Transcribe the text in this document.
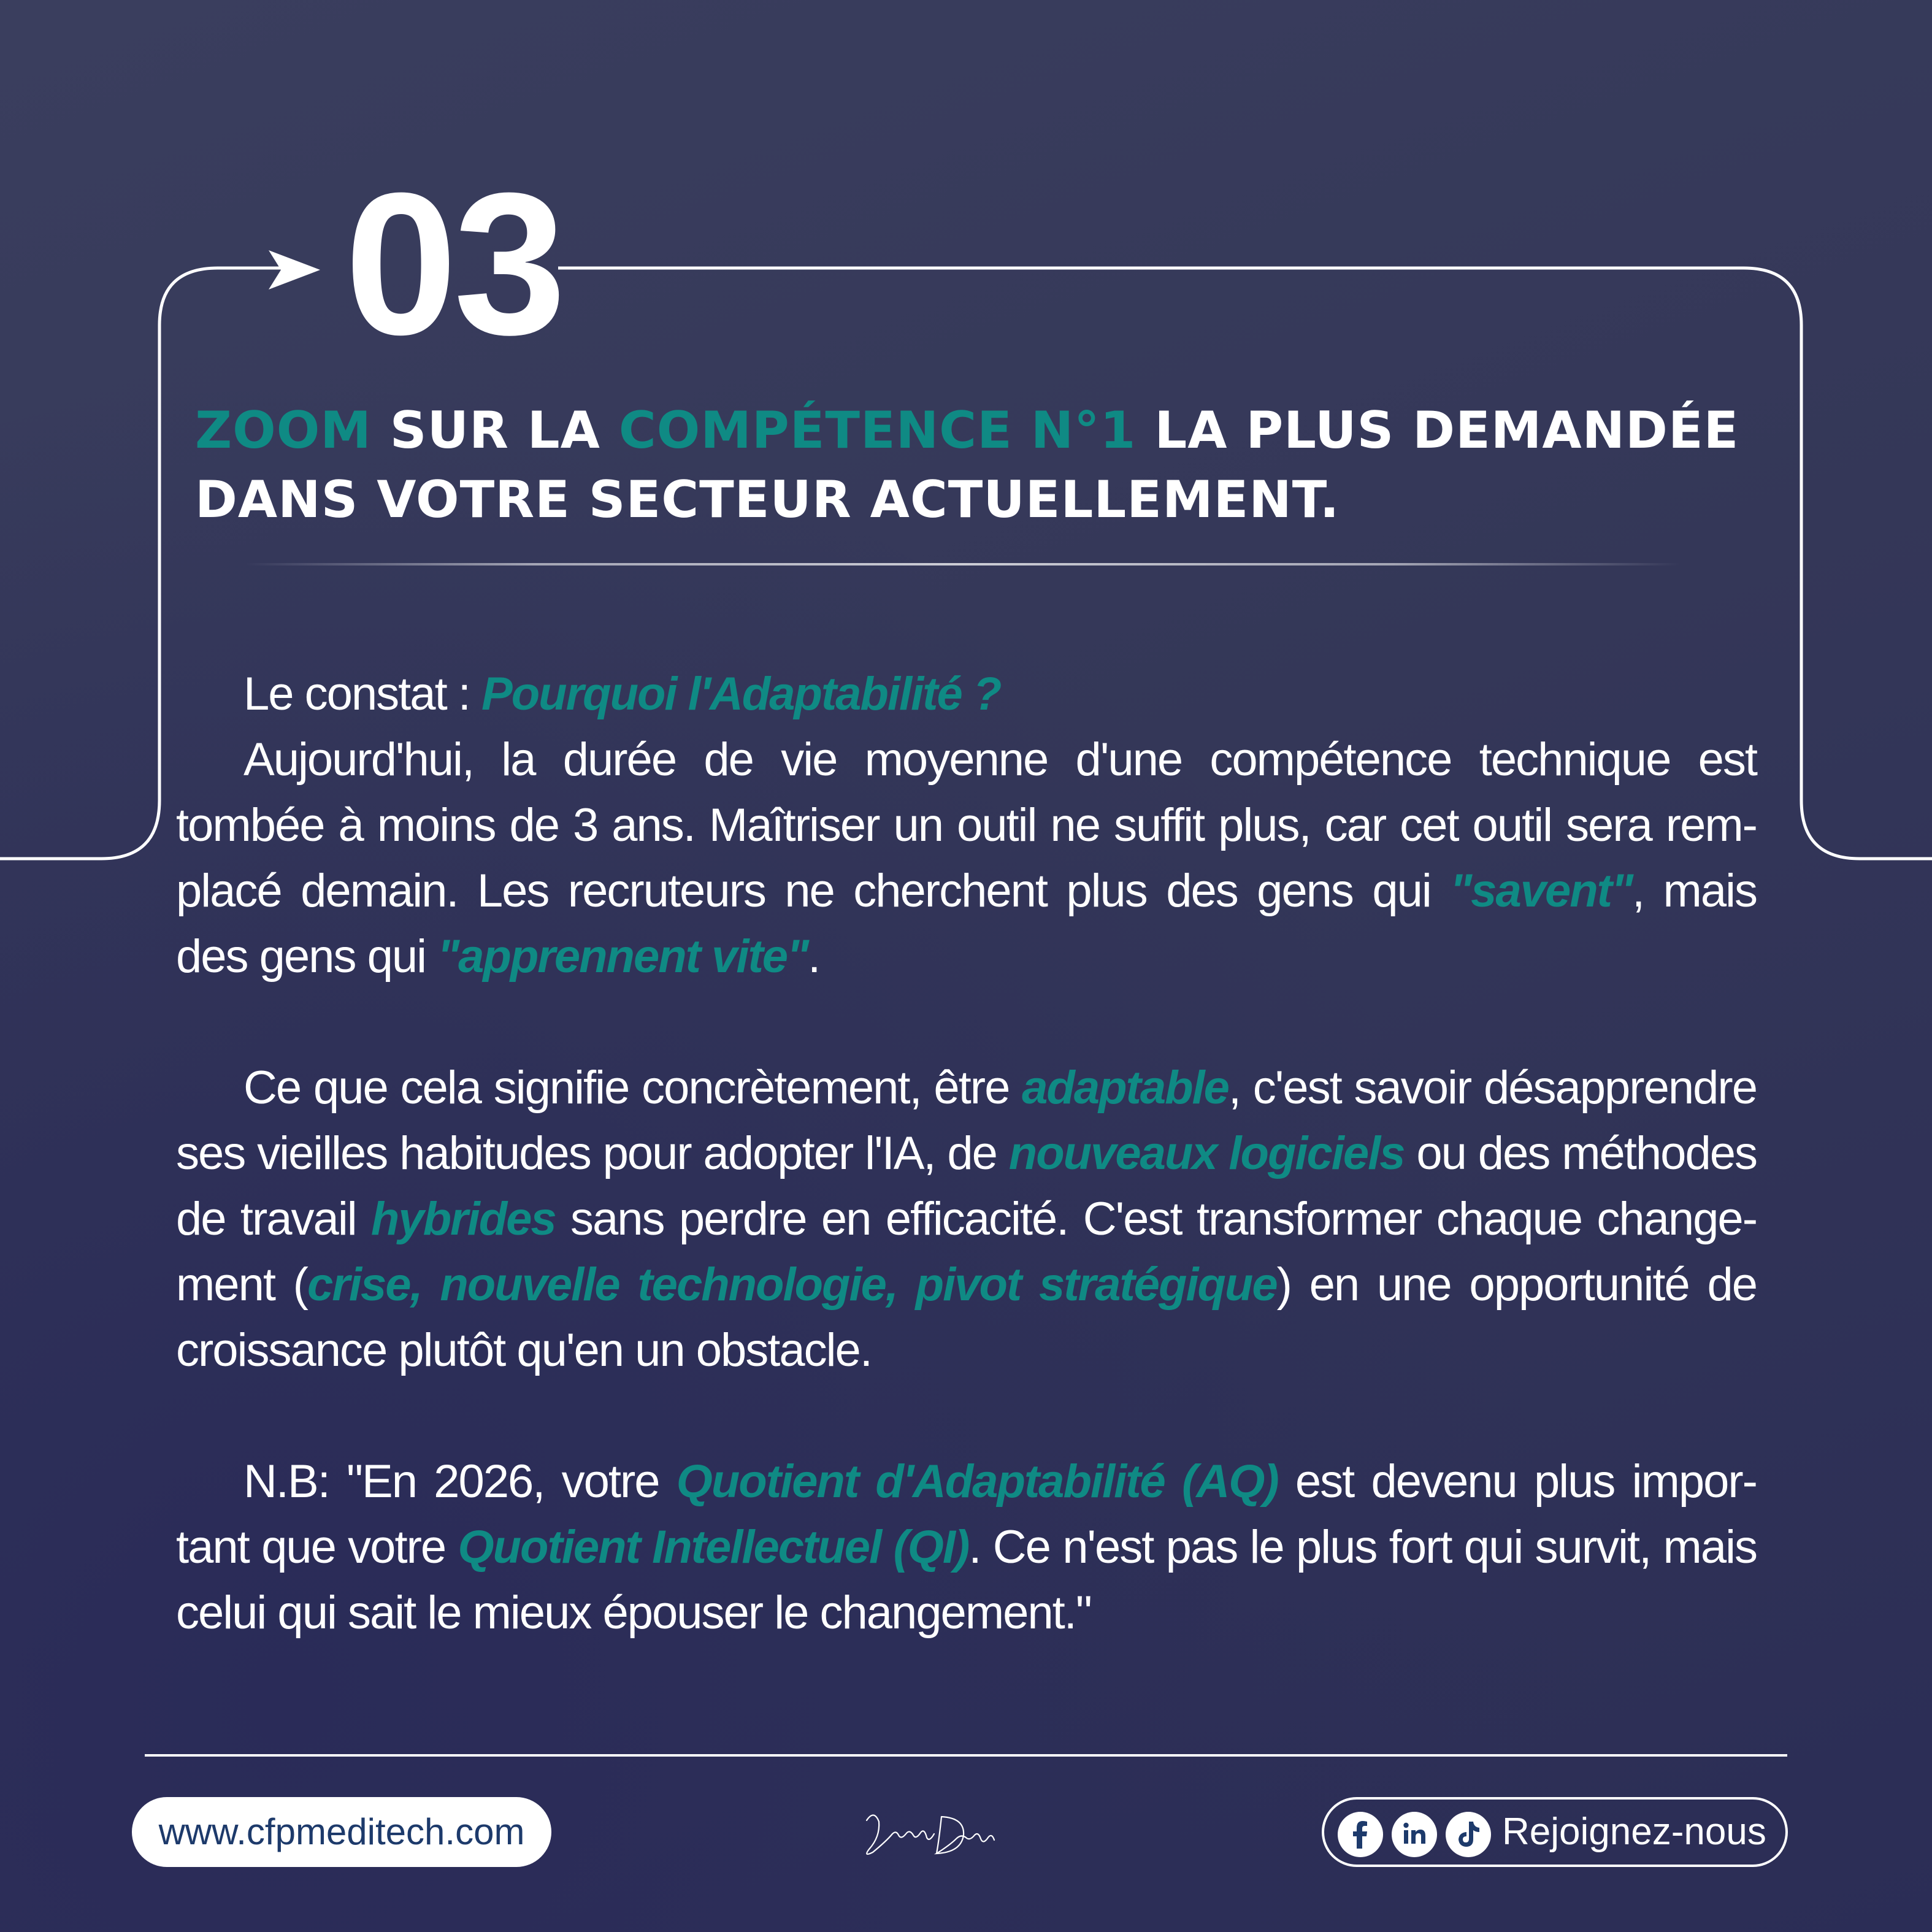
03
ZOOM SUR LA COMPÉTENCE N°1 LA PLUS DEMANDÉE
DANS VOTRE SECTEUR ACTUELLEMENT.

Le constat : Pourquoi l'Adaptabilité ?

Aujourd'hui, la durée de vie moyenne d'une compétence technique est tombée à moins de 3 ans. Maîtriser un outil ne suffit plus, car cet outil sera rem-placé demain. Les recruteurs ne cherchent plus des gens qui "savent", mais des gens qui "apprennent vite".

Ce que cela signifie concrètement, être adaptable, c'est savoir désapprendre ses vieilles habitudes pour adopter l'IA, de nouveaux logiciels ou des méthodes de travail hybrides sans perdre en efficacité. C'est transformer chaque change-ment (crise, nouvelle technologie, pivot stratégique) en une opportunité de croissance plutôt qu'en un obstacle.

N.B: "En 2026, votre Quotient d'Adaptabilité (AQ) est devenu plus impor-tant que votre Quotient Intellectuel (QI). Ce n'est pas le plus fort qui survit, mais celui qui sait le mieux épouser le changement."

www.cfpmeditech.com	Rejoignez-nous
